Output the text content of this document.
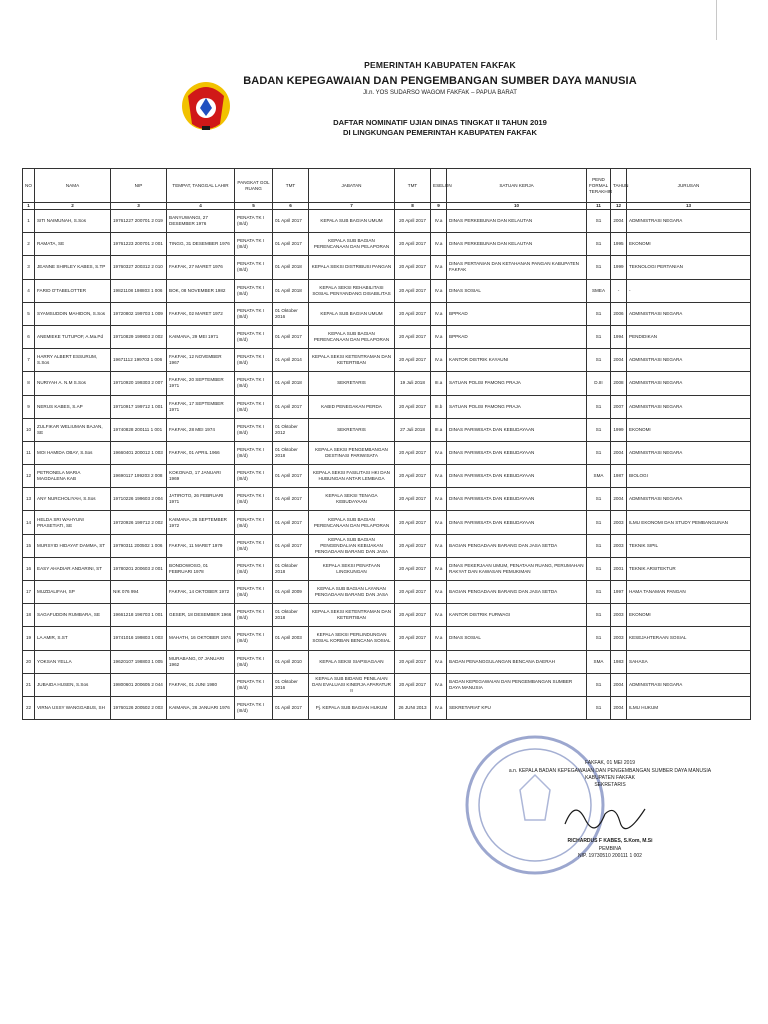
PEMERINTAH KABUPATEN FAKFAK
BADAN KEPEGAWAIAN DAN PENGEMBANGAN SUMBER DAYA MANUSIA
Jl.n. YOS SUDARSO WAGOM FAKFAK – PAPUA BARAT
DAFTAR NOMINATIF UJIAN DINAS TINGKAT II TAHUN 2019
DI LINGKUNGAN PEMERINTAH KABUPATEN FAKFAK
NO	NAMA	NIP	TEMPAT, TANGGAL LAHIR	PANGKAT GOL RUANG	TMT	JABATAN	TMT	ESELON	SATUAN KERJA	PEND FORMAL TERAKHIR	TAHUN	JURUSAN
1	2	3	4	5	6	7	8	9	10	11	12	13
1	SITI NAIMUNAH, S.Sos	19761227 200701 2 019	BANYUWANGI, 27 DESEMBER 1976	PENATA TK I (III/d)	01 April 2017	KEPALA SUB BAGIAN UMUM	20 April 2017	IV.a	DINAS PERKEBUNAN DAN KELAUTAN	S1	2004	ADMINISTRASI NEGARA
2	RAMATA, SE	19761223 200701 2 001	TINGG, 31 DESEMBER 1976	PENATA TK I (III/d)	01 April 2017	KEPALA SUB BAGIAN PERENCANAAN DAN PELAPORAN	20 April 2017	IV.a	DINAS PERKEBUNAN DAN KELAUTAN	S1	1995	EKONOMI
3	JEANNE SHIRLEY KABES, S.TP	19760327 200312 2 010	FAKFAK, 27 MARET 1976	PENATA TK I (III/d)	01 April 2018	KEPALA SEKSI DISTRIBUSI PANGAN	20 April 2017	IV.a	DINAS PERTANIAN DAN KETAHANAN PANGAN KABUPATEN FAKFAK	S1	1999	TEKNOLOGI PERTANIAN
4	FARID O'TABELOTTER	19821108 198803 1 006	BOK, 08 NOVEMBER 1982	PENATA TK I (III/d)	01 April 2018	KEPALA SEKSI REHABILITASI SOSIAL PENYANDANG DISABILITAS	20 April 2017	IV.a	DINAS SOSIAL	SMEA	-	-
5	SYAMSUDDIN MAHIDON, S.Sos	19720802 199703 1 009	FAKFAK, 02 MARET 1972	PENATA TK I (III/d)	01 Oktober 2016	KEPALA SUB BAGIAN UMUM	20 April 2017	IV.a	BPPKAD	S1	2006	ADMINISTRASI NEGARA
6	ANEMIEKE TUTUPOF, A.Ma.Pd	19710829 199903 2 002	KAIMANA, 29 MEI 1971	PENATA TK I (III/d)	01 April 2017	KEPALA SUB BAGIAN PERENCANAAN DAN PELAPORAN	20 April 2017	IV.a	BPPKAD	S1	1994	PENDIDIKAN
7	HARRY ALBERT ESSURUM, S.Sos	19671112 199703 1 006	FAKFAK, 12 NOVEMBER 1967	PENATA TK I (III/d)	01 April 2014	KEPALA SEKSI KETENTRAMAN DAN KETERTIBAN	20 April 2017	IV.a	KANTOR DISTRIK KAYAUNI	S1	2004	ADMINISTRASI NEGARA
8	NURIYAH A. N.M S.Sos	19710920 199303 2 007	FAKFAK, 20 SEPTEMBER 1971	PENATA TK I (III/d)	01 April 2018	SEKRETARIS	19 Juli 2018	III.a	SATUAN POLISI PAMONG PRAJA	D.III	2008	ADMINISTRASI NEGARA
9	NERUS KABES, S.AP	19710917 199712 1 001	FAKFAK, 17 SEPTEMBER 1971	PENATA TK I (III/d)	01 April 2017	KABID PENEGAKAN PERDA	20 April 2017	III.b	SATUAN POLISI PAMONG PRAJA	S1	2007	ADMINISTRASI NEGARA
10	ZULFIKAR WELIUMAN BAJAN, SE	19740828 200111 1 001	FAKFAK, 28 MEI 1974	PENATA TK I (III/d)	01 Oktober 2012	SEKRETARIS	27 Juli 2018	III.a	DINAS PARIWISATA DAN KEBUDAYAAN	S1	1999	EKONOMI
11	MOI HAMIDA OBAY, S.Sos	19660401 200012 1 003	FAKFAK, 01 APRIL 1966	PENATA TK I (III/d)	01 Oktober 2018	KEPALA SEKSI PENGEMBANGAN DESTINASI PARIWISATA	20 April 2017	IV.a	DINAS PARIWISATA DAN KEBUDAYAAN	S1	2004	ADMINISTRASI NEGARA
12	PETRONELA MARIA MAGDALENA KAB	19690117 199203 2 008	KOKONAO, 17 JANUARI 1969	PENATA TK I (III/d)	01 April 2017	KEPALA SEKSI FASILITASI HKI DAN HUBUNGAN ANTAR LEMBAGA	20 April 2017	IV.a	DINAS PARIWISATA DAN KEBUDAYAAN	SMA	1987	BIOLOGI
13	ANY NURCHOLIYAH, S.Sos	19710226 199603 2 004	JATIROTO, 26 FEBRUARI 1971	PENATA TK I (III/d)	01 April 2017	KEPALA SEKSI TENAGA KEBUDAYAAN	20 April 2017	IV.a	DINAS PARIWISATA DAN KEBUDAYAAN	S1	2004	ADMINISTRASI NEGARA
14	HELDA SRI WAHYUNI PRASETIATI, SE	19720926 199712 2 002	KAIMANA, 26 SEPTEMBER 1972	PENATA TK I (III/d)	01 April 2017	KEPALA SUB BAGIAN PERENCANAAN DAN PELAPORAN	20 April 2017	IV.a	DINAS PARIWISATA DAN KEBUDAYAAN	S1	2003	ILMU EKONOMI DAN STUDY PEMBANGUNAN
15	MURSYID HIDAYAT DAMMA, ST	19790311 200502 1 006	FAKFAK, 11 MARET 1979	PENATA TK I (III/d)	01 April 2017	KEPALA SUB BAGIAN PENGENDALIAN KEBIJAKAN PENGADAAN BARANG DAN JASA	20 April 2017	IV.a	BAGIAN PENGADAAN BARANG DAN JASA SETDA	S1	2003	TEKNIK SIPIL
16	EASY AHADIAR ANDARINI, ST	19780201 200603 2 001	BONDOWOSO, 01 FEBRUARI 1978	PENATA TK I (III/d)	01 Oktober 2018	KEPALA SEKSI PENATAAN LINGKUNGAN	20 April 2017	IV.a	DINAS PEKERJAAN UMUM, PENATAAN RUANG, PERUMAHAN RAKYAT DAN KAWASAN PEMUKIMAN	S1	2001	TEKNIK ARSITEKTUR
17	MUZDALIFAH, SP	NIK 076 994	FAKFAK, 14 OKTOBER 1972	PENATA TK I (III/d)	01 April 2009	KEPALA SUB BAGIAN LAYANAN PENGADAAN BARANG DAN JASA	20 April 2017	IV.a	BAGIAN PENGADAAN BARANG DAN JASA SETDA	S1	1997	HAMA TANAMAN PANGAN
18	SAGAFUDDIN RUMBARA, SE	19661218 196703 1 001	GESER, 18 DESEMBER 1966	PENATA TK I (III/d)	01 Oktober 2018	KEPALA SEKSI KETENTRAMAN DAN KETERTIBAN	20 April 2017	IV.a	KANTOR DISTRIK FURWAGI	S1	2003	EKONOMI
19	LA AMIR, S.ST	19741016 199803 1 003	MAHATH, 16 OKTOBER 1974	PENATA TK I (III/d)	01 April 2003	KEPALA SEKSI PERLINDUNGAN SOSIAL KORBAN BENCANA SOSIAL	20 April 2017	IV.a	DINAS SOSIAL	S1	2003	KESEJAHTERAAN SOSIAL
20	YOKSAN YELLA	19620107 198803 1 005	MURABANG, 07 JANUARI 1962	PENATA TK I (III/d)	01 April 2010	KEPALA SEKSI SIAPSIAGAAN	20 April 2017	IV.a	BADAN PENANGGULANGAN BENCANA DAERAH	SMA	1983	SAHASA
21	JUBAIDA HUSEN, S.Sos	19800601 200605 2 044	FAKFAK, 01 JUNI 1980	PENATA TK I (III/d)	01 Oktober 2016	KEPALA SUB BIDANG PENILAIAN DAN EVALUASI KINERJA APARATUR II	20 April 2017	IV.a	BADAN KEPEGAWAIAN DAN PENGEMBANGAN SUMBER DAYA MANUSIA	S1	2004	ADMINISTRASI NEGARA
22	VIRNA USSY WANGGABUS, SH	19760126 200502 2 003	KAIMANA, 26 JANUARI 1976	PENATA TK I (III/d)	01 April 2017	Pj. KEPALA SUB BAGIAN HUKUM	26 JUNI 2013	IV.a	SEKRETARIAT KPU	S1	2004	ILMU HUKUM
FAKFAK, 01 MEI 2019
a.n. KEPALA BADAN KEPEGAWAIAN DAN PENGEMBANGAN SUMBER DAYA MANUSIA
KABUPATEN FAKFAK
SEKRETARIS
RICHARDUS F KABES, S.Kom, M.Si
PEMBINA
NIP. 19730510 200111 1 002
